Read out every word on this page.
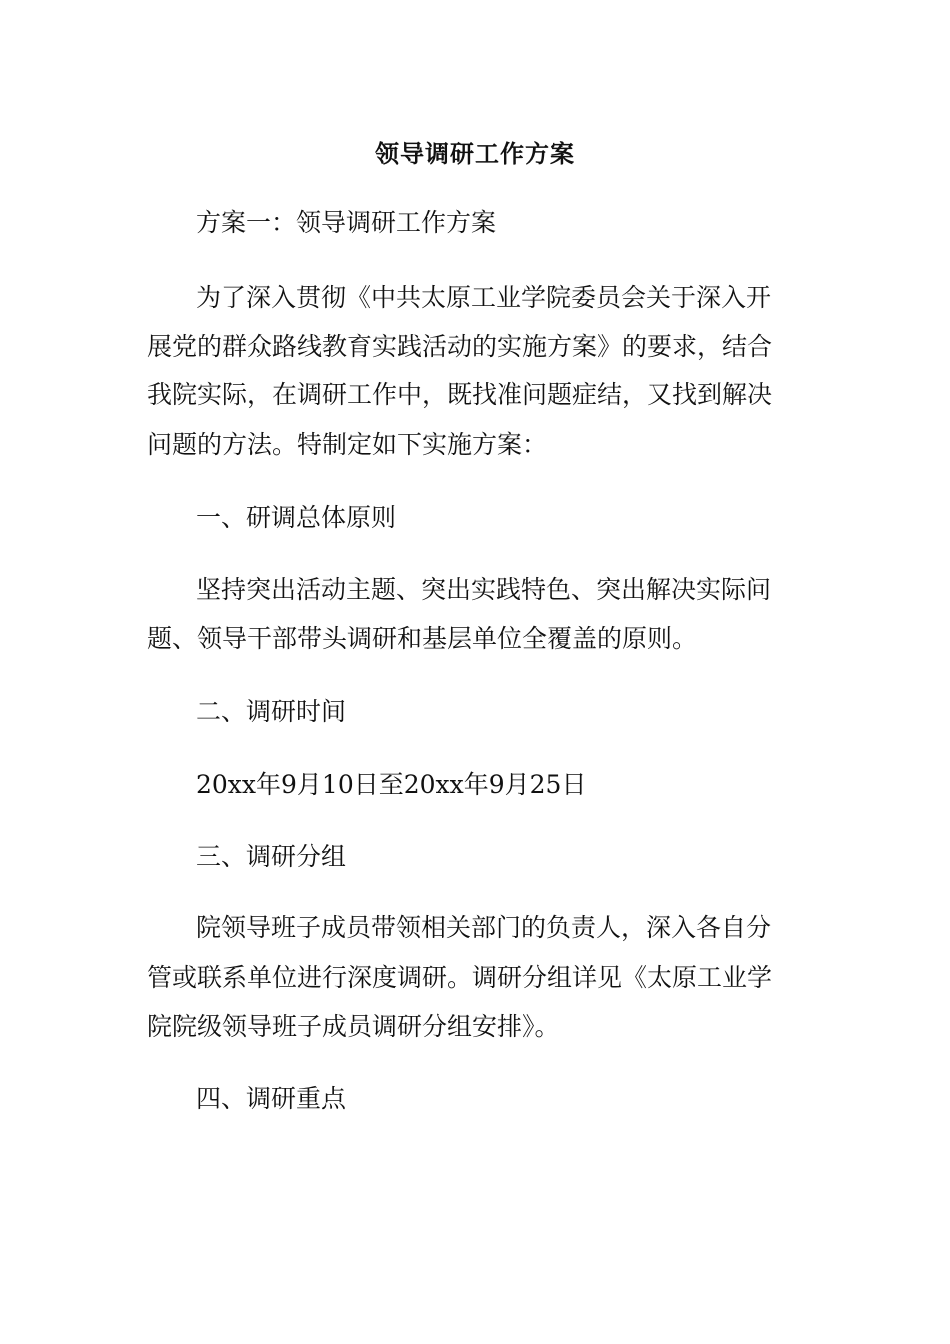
领导调研工作方案
方案一：领导调研工作方案
为了深入贯彻《中共太原工业学院委员会关于深入开
展党的群众路线教育实践活动的实施方案》的要求，结合
我院实际，在调研工作中，既找准问题症结，又找到解决
问题的方法。特制定如下实施方案：
一、研调总体原则
坚持突出活动主题、突出实践特色、突出解决实际问
题、领导干部带头调研和基层单位全覆盖的原则。
二、调研时间
20xx年9月10日至20xx年9月25日
三、调研分组
院领导班子成员带领相关部门的负责人，深入各自分
管或联系单位进行深度调研。调研分组详见《太原工业学
院院级领导班子成员调研分组安排》。
四、调研重点
